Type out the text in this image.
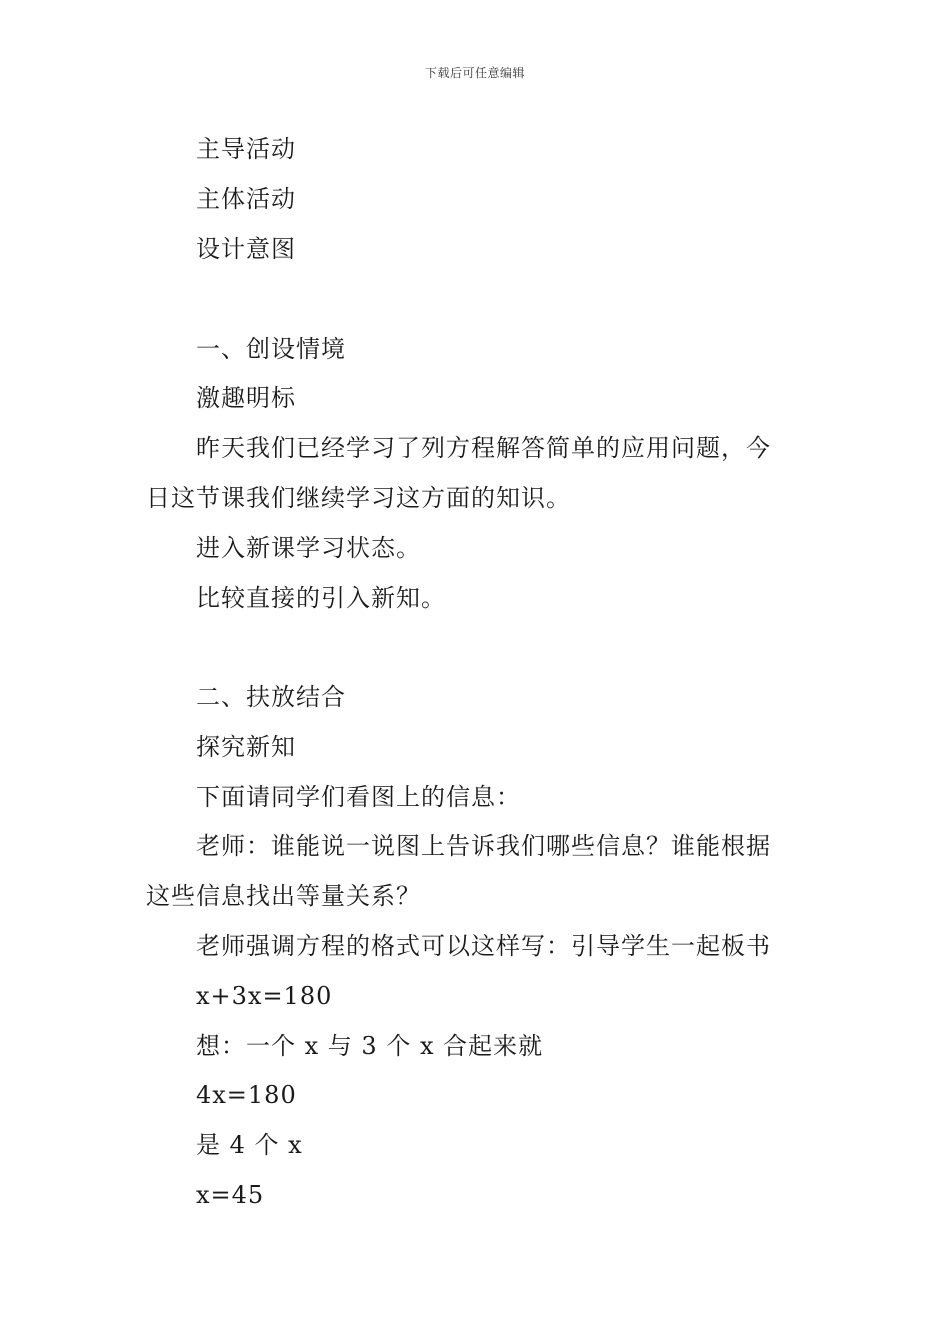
下载后可任意编辑
主导活动
主体活动
设计意图
一、创设情境
激趣明标
昨天我们已经学习了列方程解答简单的应用问题，今
日这节课我们继续学习这方面的知识。
进入新课学习状态。
比较直接的引入新知。
二、扶放结合
探究新知
下面请同学们看图上的信息：
老师：谁能说一说图上告诉我们哪些信息？谁能根据
这些信息找出等量关系？
老师强调方程的格式可以这样写：引导学生一起板书
x+3x=180
想：一个 x 与 3 个 x 合起来就
4x=180
是 4 个 x
x=45
